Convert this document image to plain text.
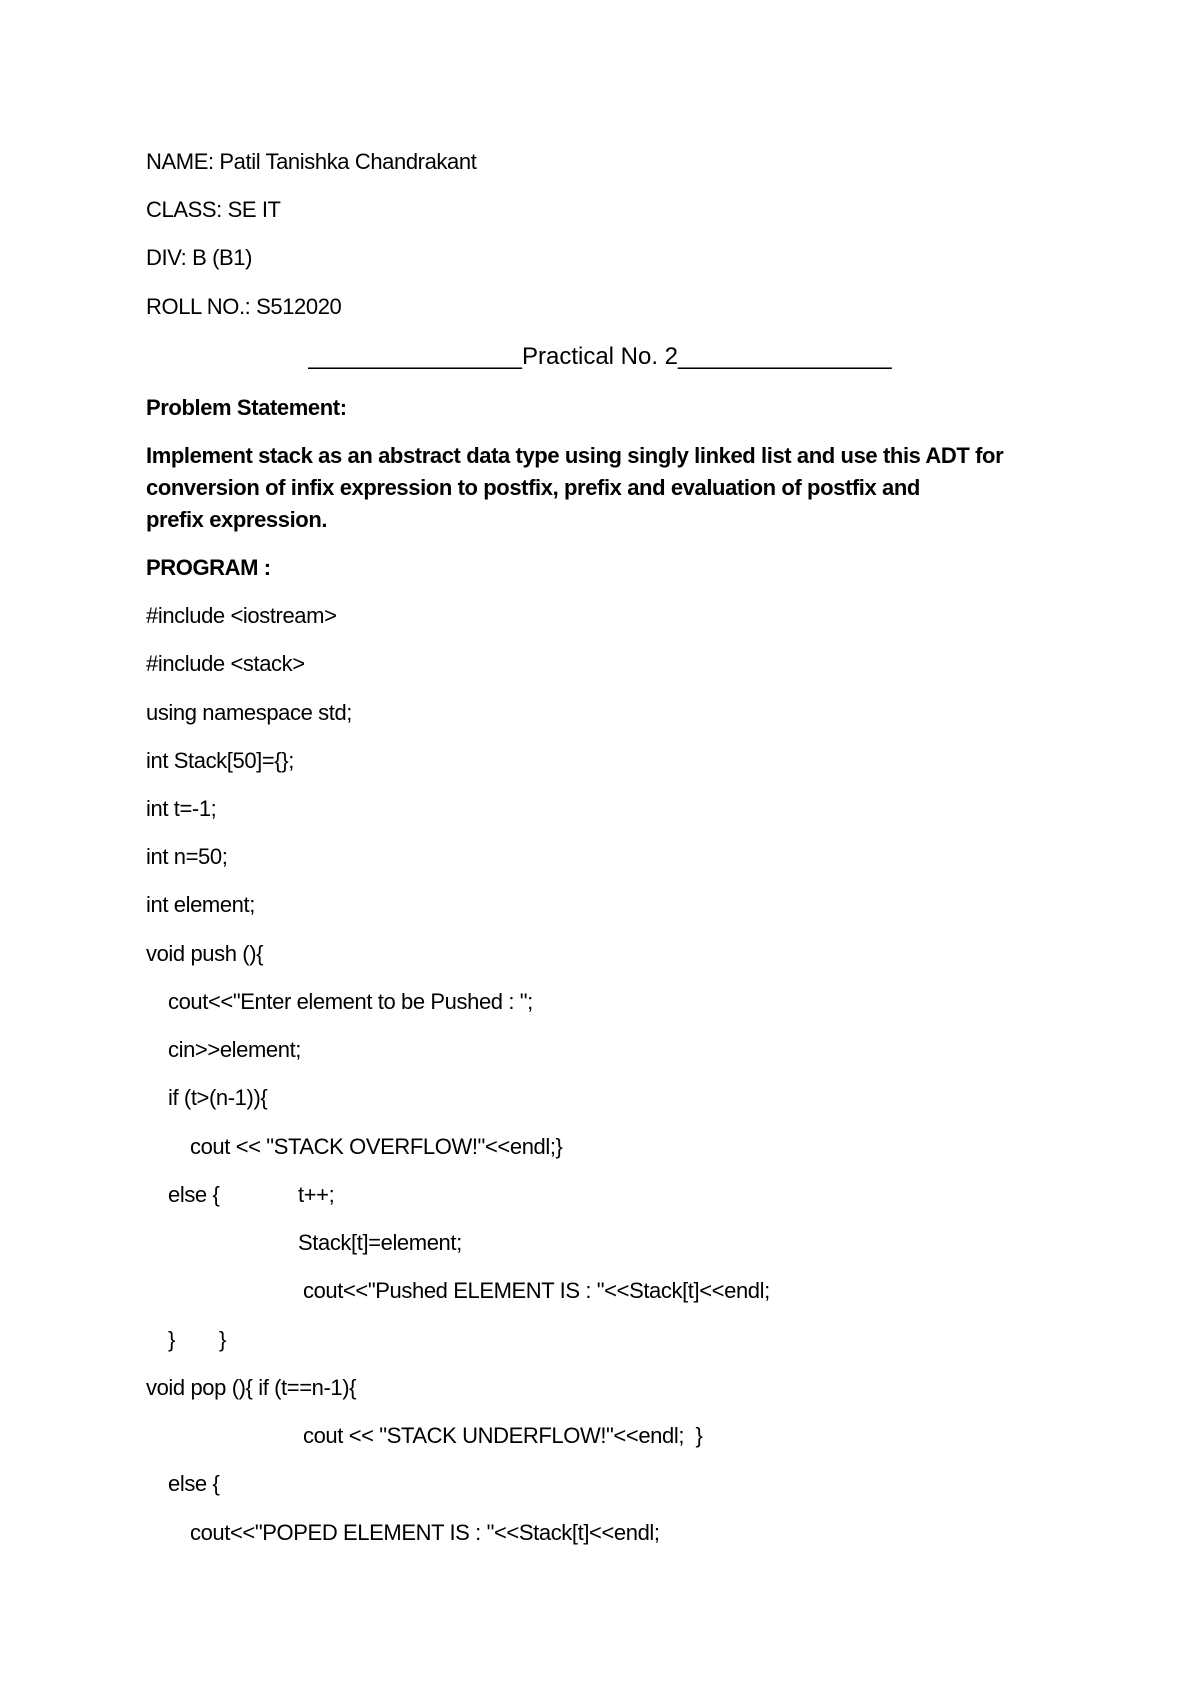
NAME: Patil Tanishka Chandrakant
CLASS: SE IT
DIV: B (B1)
ROLL NO.: S512020
________________Practical No. 2________________
Problem Statement:
Implement stack as an abstract data type using singly linked list and use this ADT for
conversion of infix expression to postfix, prefix and evaluation of postfix and
prefix expression.
PROGRAM :
#include <iostream>
#include <stack>
using namespace std;
int Stack[50]={};
int t=-1;
int n=50;
int element;
void push (){
cout<<"Enter element to be Pushed : ";
cin>>element;
if (t>(n-1)){
cout << "STACK OVERFLOW!"<<endl;}
else {	t++;
Stack[t]=element;
cout<<"Pushed ELEMENT IS : "<<Stack[t]<<endl;
} }
void pop (){ if (t==n-1){
cout << "STACK UNDERFLOW!"<<endl;  }
else {
cout<<"POPED ELEMENT IS : "<<Stack[t]<<endl;
